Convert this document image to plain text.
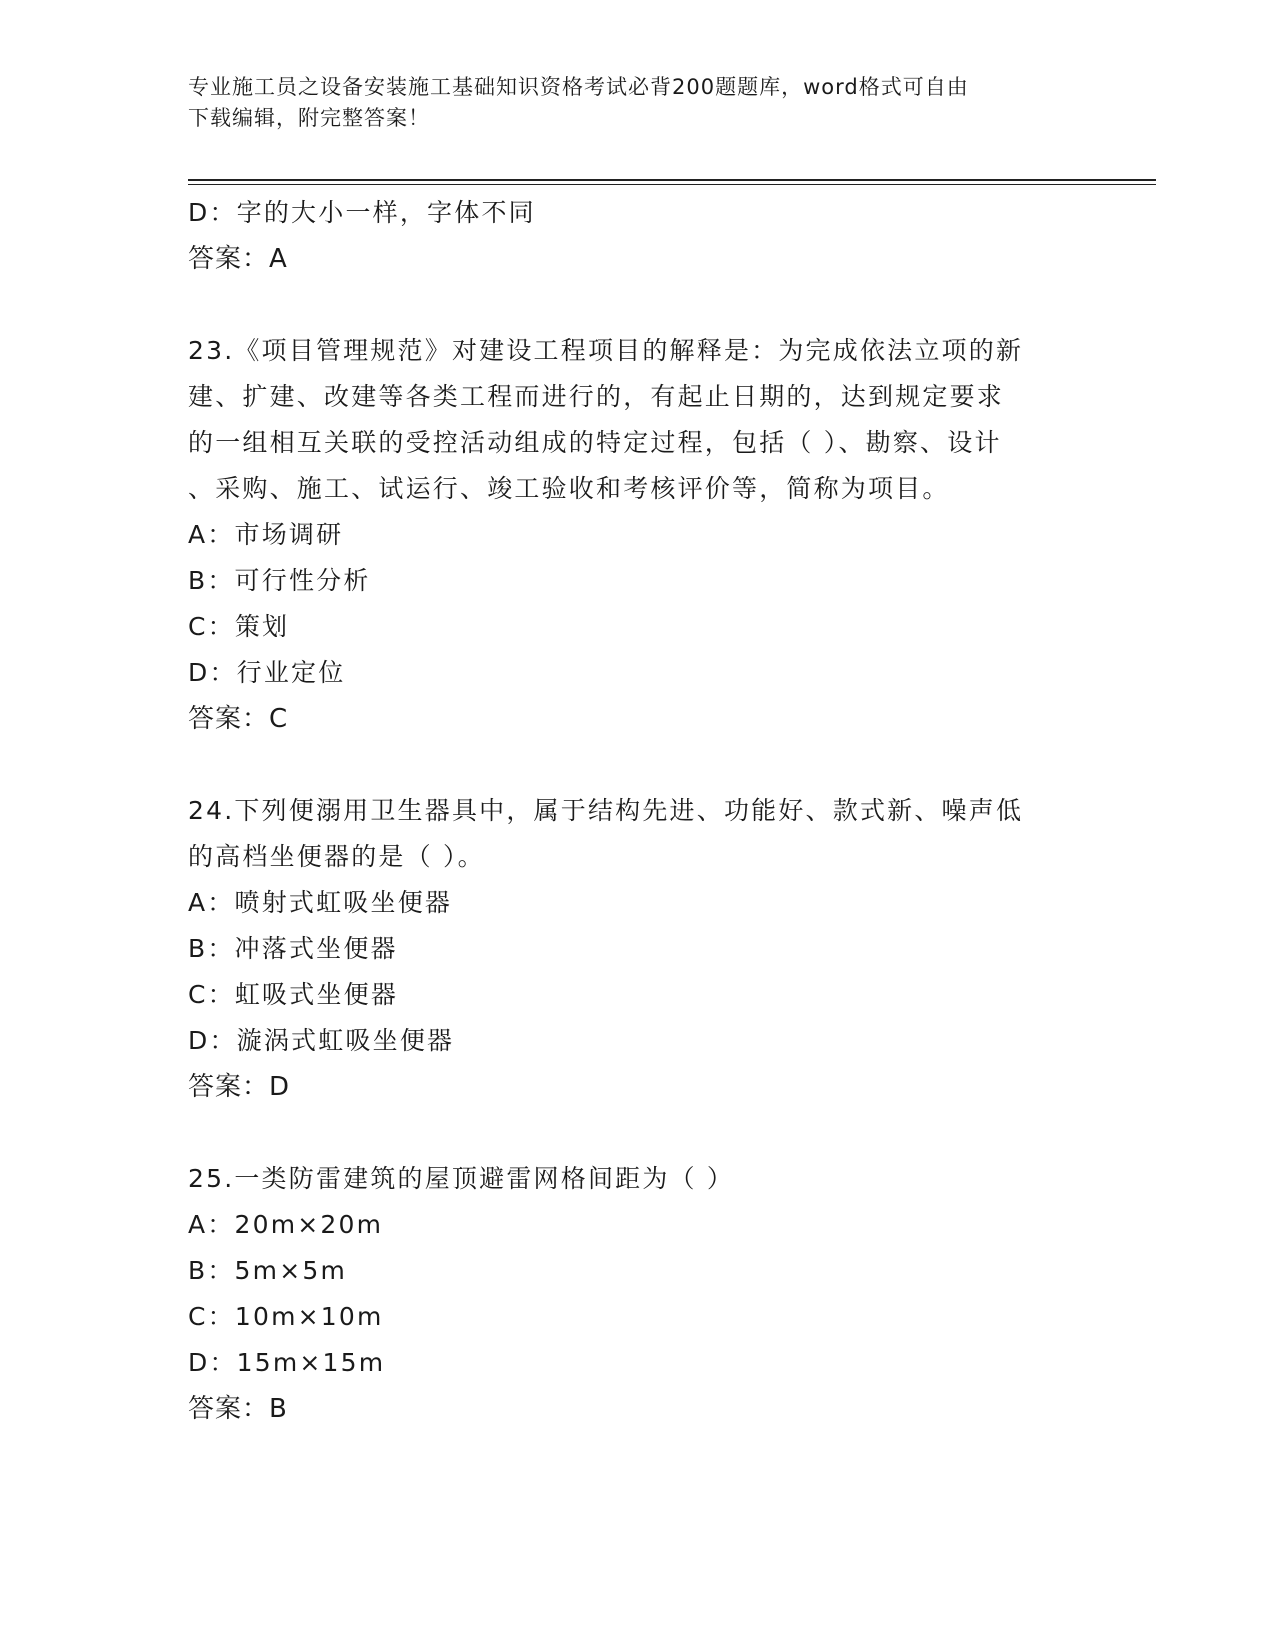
专业施工员之设备安装施工基础知识资格考试必背200题题库，word格式可自由
下载编辑，附完整答案！
D：字的大小一样，字体不同
答案：A
23.《项目管理规范》对建设工程项目的解释是：为完成依法立项的新
建、扩建、改建等各类工程而进行的，有起止日期的，达到规定要求
的一组相互关联的受控活动组成的特定过程，包括（ ）、勘察、设计
、采购、施工、试运行、竣工验收和考核评价等，简称为项目。
A：市场调研
B：可行性分析
C：策划
D：行业定位
答案：C
24.下列便溺用卫生器具中，属于结构先进、功能好、款式新、噪声低
的高档坐便器的是（ ）。
A：喷射式虹吸坐便器
B：冲落式坐便器
C：虹吸式坐便器
D：漩涡式虹吸坐便器
答案：D
25.一类防雷建筑的屋顶避雷网格间距为（ ）
A：20m×20m
B：5m×5m
C：10m×10m
D：15m×15m
答案：B
